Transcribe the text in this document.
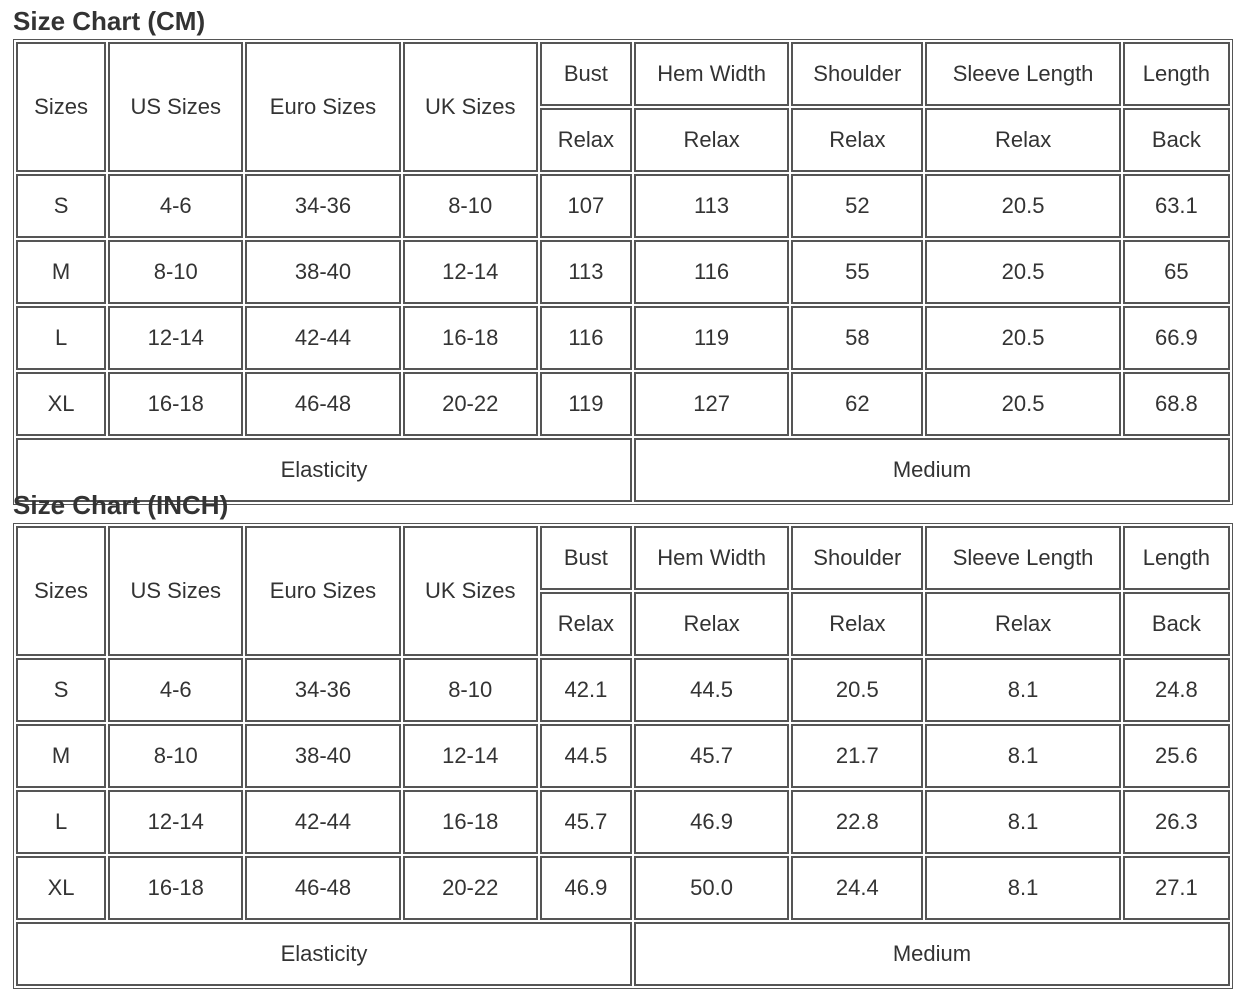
Size Chart (CM)
Sizes	US Sizes	Euro Sizes	UK Sizes	Bust	Hem Width	Shoulder	Sleeve Length	Length
				Relax	Relax	Relax	Relax	Back
S	4-6	34-36	8-10	107	113	52	20.5	63.1
M	8-10	38-40	12-14	113	116	55	20.5	65
L	12-14	42-44	16-18	116	119	58	20.5	66.9
XL	16-18	46-48	20-22	119	127	62	20.5	68.8
Elasticity					Medium			
Size Chart (INCH)
Sizes	US Sizes	Euro Sizes	UK Sizes	Bust	Hem Width	Shoulder	Sleeve Length	Length
				Relax	Relax	Relax	Relax	Back
S	4-6	34-36	8-10	42.1	44.5	20.5	8.1	24.8
M	8-10	38-40	12-14	44.5	45.7	21.7	8.1	25.6
L	12-14	42-44	16-18	45.7	46.9	22.8	8.1	26.3
XL	16-18	46-48	20-22	46.9	50.0	24.4	8.1	27.1
Elasticity					Medium			
